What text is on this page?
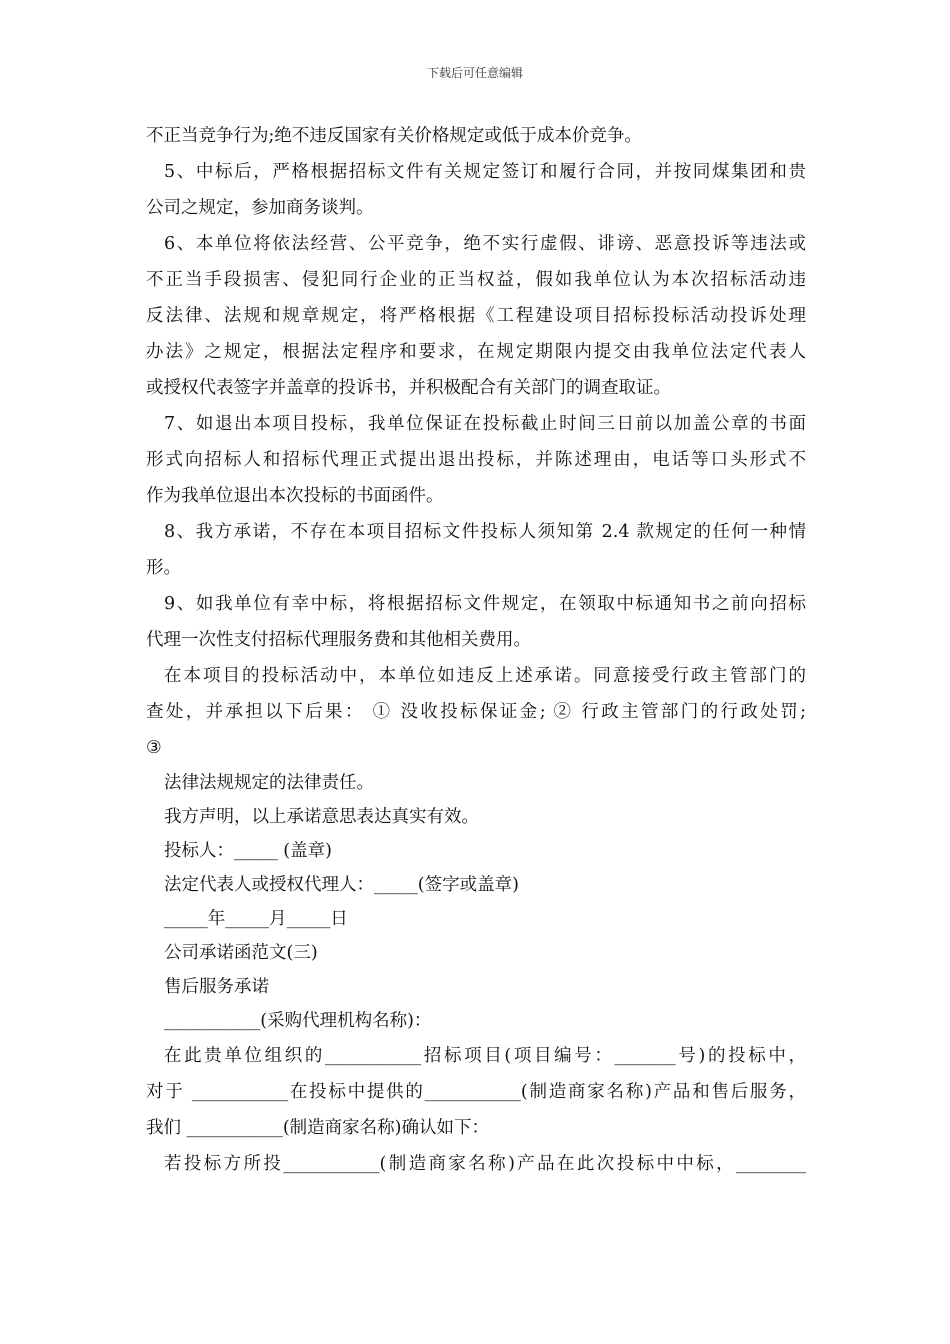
下载后可任意编辑
不正当竞争行为;绝不违反国家有关价格规定或低于成本价竞争。
5、中标后，严格根据招标文件有关规定签订和履行合同，并按同煤集团和贵
公司之规定，参加商务谈判。
6、本单位将依法经营、公平竞争，绝不实行虚假、诽谤、恶意投诉等违法或
不正当手段损害、侵犯同行企业的正当权益，假如我单位认为本次招标活动违
反法律、法规和规章规定，将严格根据《工程建设项目招标投标活动投诉处理
办法》之规定，根据法定程序和要求，在规定期限内提交由我单位法定代表人
或授权代表签字并盖章的投诉书，并积极配合有关部门的调查取证。
7、如退出本项目投标，我单位保证在投标截止时间三日前以加盖公章的书面
形式向招标人和招标代理正式提出退出投标，并陈述理由，电话等口头形式不
作为我单位退出本次投标的书面函件。
8、我方承诺，不存在本项目招标文件投标人须知第 2.4 款规定的任何一种情
形。
9、如我单位有幸中标，将根据招标文件规定，在领取中标通知书之前向招标
代理一次性支付招标代理服务费和其他相关费用。
在本项目的投标活动中，本单位如违反上述承诺。同意接受行政主管部门的
查处，并承担以下后果： ① 没收投标保证金; ② 行政主管部门的行政处罚;
③
法律法规规定的法律责任。
我方声明，以上承诺意思表达真实有效。
投标人：_____ (盖章)
法定代表人或授权代理人：_____(签字或盖章)
_____年_____月_____日
公司承诺函范文(三)
售后服务承诺
___________(采购代理机构名称)：
在此贵单位组织的___________招标项目(项目编号：_______号)的投标中，
对于 ___________在投标中提供的___________(制造商家名称)产品和售后服务，
我们 ___________(制造商家名称)确认如下：
若投标方所投___________(制造商家名称)产品在此次投标中中标，________
